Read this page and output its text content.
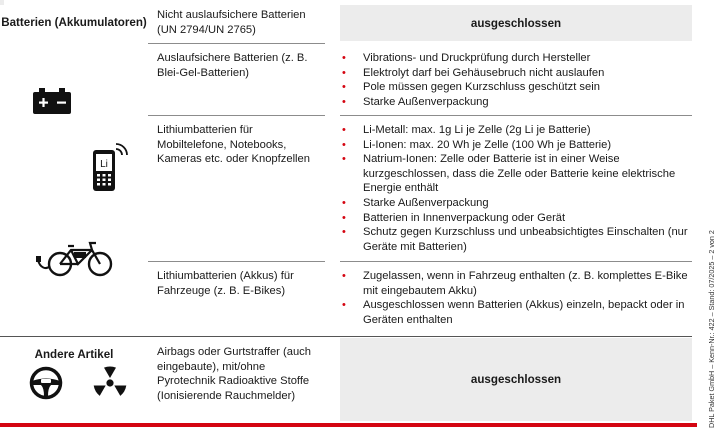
Batterien (Akkumulatoren)
Li
Andere Artikel
Nicht auslaufsichere Batterien (UN 2794/UN 2765)
ausgeschlossen
Auslaufsichere Batterien (z. B. Blei-Gel-Batterien)
• Vibrations- und Druckprüfung durch Hersteller
• Elektrolyt darf bei Gehäusebruch nicht auslaufen
• Pole müssen gegen Kurzschluss geschützt sein
• Starke Außenverpackung
Lithiumbatterien für Mobiltelefone, Notebooks, Kameras etc. oder Knopfzellen
• Li-Metall: max. 1g Li je Zelle (2g Li je Batterie)
• Li-Ionen: max. 20 Wh je Zelle (100 Wh je Batterie)
• Natrium-Ionen: Zelle oder Batterie ist in einer Weise kurzgeschlossen, dass die Zelle oder Batterie keine elektrische Energie enthält
• Starke Außenverpackung
• Batterien in Innenverpackung oder Gerät
• Schutz gegen Kurzschluss und unbeabsichtigtes Einschalten (nur Geräte mit Batterien)
Lithiumbatterien (Akkus) für Fahrzeuge (z. B. E-Bikes)
• Zugelassen, wenn in Fahrzeug enthalten (z. B. komplettes E-Bike mit eingebautem Akku)
• Ausgeschlossen wenn Batterien (Akkus) einzeln, bepackt oder in Geräten enthalten
Airbags oder Gurtstraffer (auch eingebaute), mit/ohne Pyrotechnik Radioaktive Stoffe (Ionisierende Rauchmelder)
ausgeschlossen	DHL Paket GmbH – Kenn-Nr.: 422 – Stand: 07/2025 – 2 von 2
